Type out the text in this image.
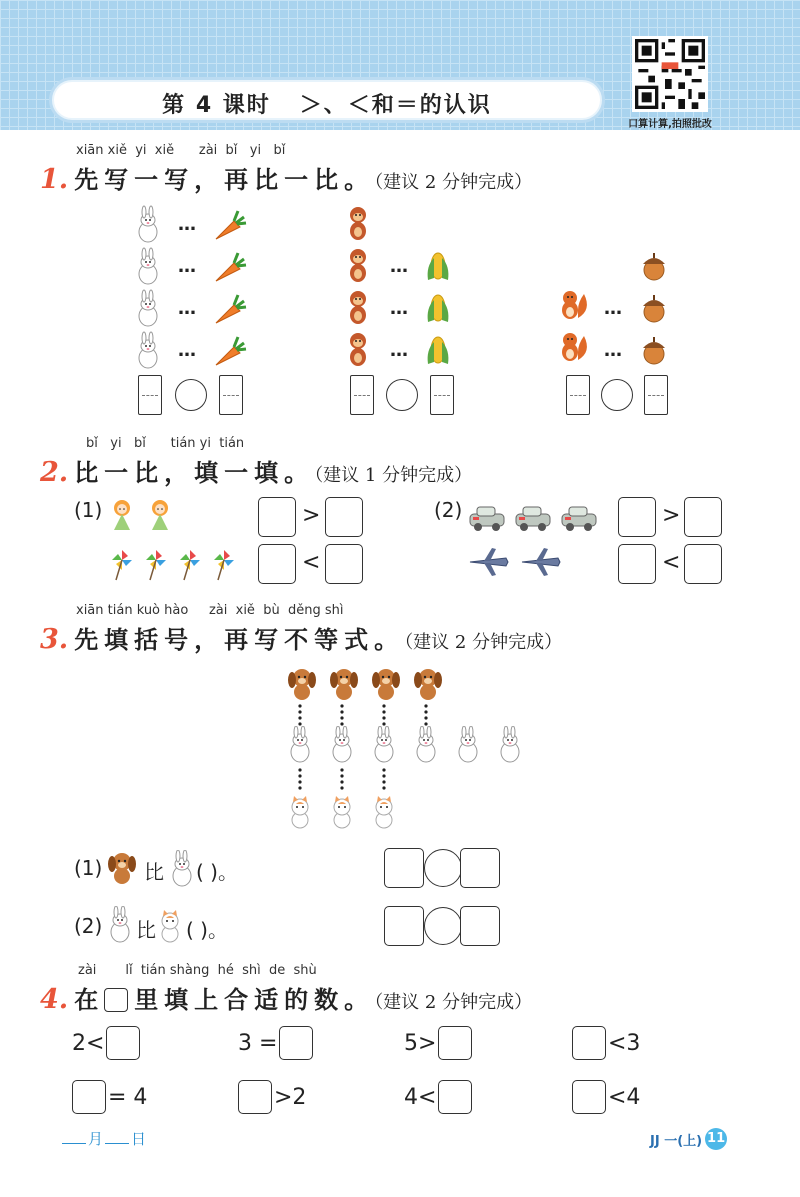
第 4 课时 ＞、＜和＝的认识
口算计算,拍照批改
xiān xiě  yi  xiě      zài  bǐ   yi   bǐ
1. 先写一写，再比一比。（建议 2 分钟完成）
…
…
…
…
…
…
…
…
…
bǐ   yi   bǐ      tián yi  tián
2. 比一比，填一填。（建议 1 分钟完成）
(1)	>
<
(2)	>
<
xiān tián kuò hào     zài  xiě  bù  děng shì
3. 先填括号，再写不等式。（建议 2 分钟完成）
(1) 比 ( )。
(2) 比 ( )。
zài       lǐ  tián shàng  hé  shì  de  shù
4. 在 里填上合适的数。（建议 2 分钟完成）
2<	3 =	5>	<3
= 4	>2	4<	<4
月 日	JJ 一(上) 11
